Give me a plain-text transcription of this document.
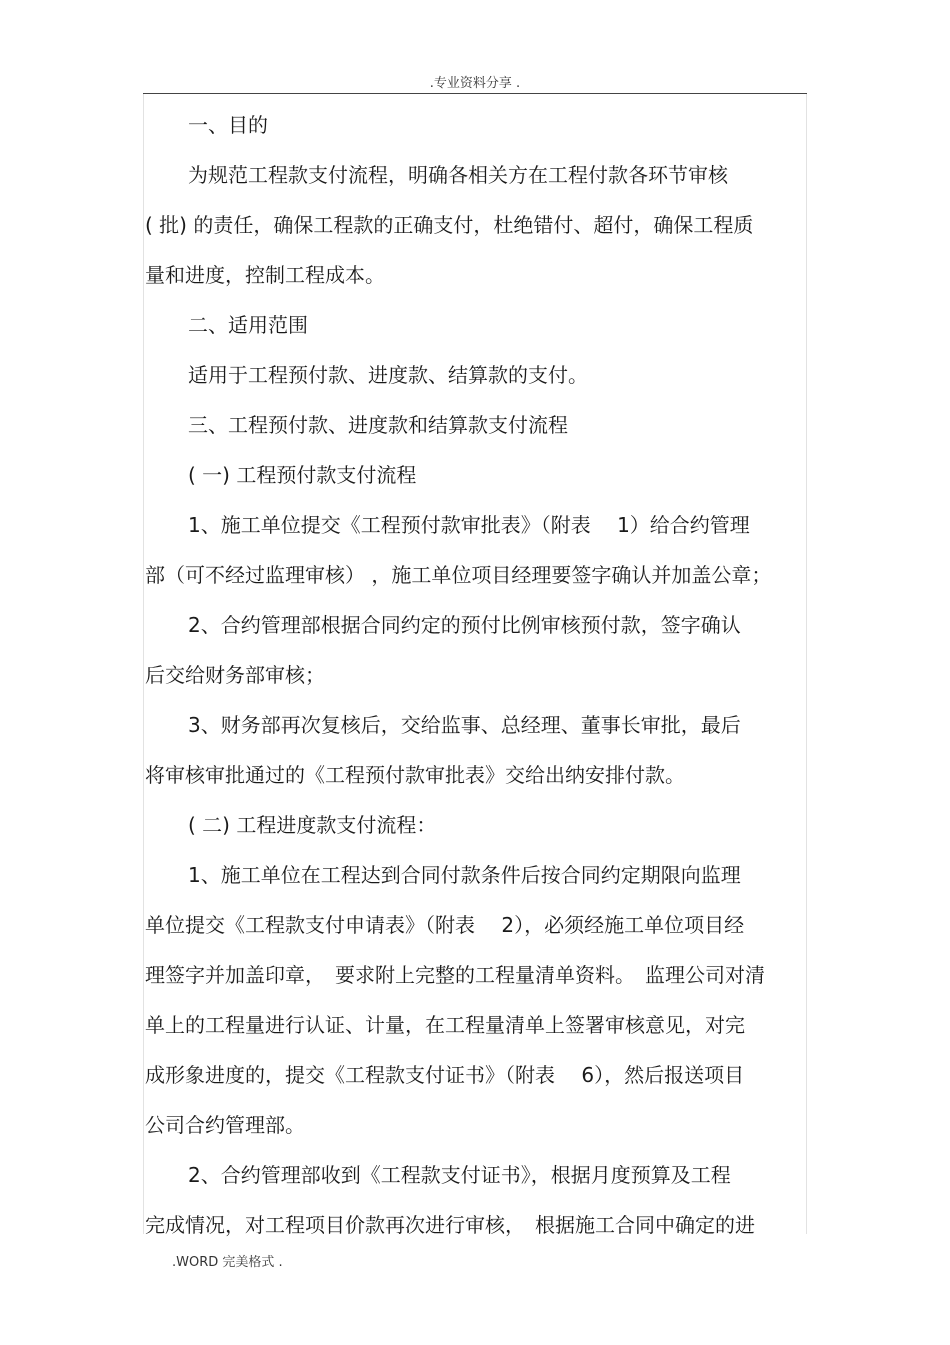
.专业资料分享 .

一、目的

为规范工程款支付流程，明确各相关方在工程付款各环节审核

( 批) 的责任，确保工程款的正确支付，杜绝错付、超付，确保工程质

量和进度，控制工程成本。

二、适用范围

适用于工程预付款、进度款、结算款的支付。

三、工程预付款、进度款和结算款支付流程

( 一) 工程预付款支付流程

1、施工单位提交《工程预付款审批表》（附表　 1）给合约管理

部（可不经过监理审核） ，施工单位项目经理要签字确认并加盖公章；

2、合约管理部根据合同约定的预付比例审核预付款，签字确认

后交给财务部审核；

3、财务部再次复核后，交给监事、总经理、董事长审批，最后

将审核审批通过的《工程预付款审批表》交给出纳安排付款。

( 二) 工程进度款支付流程：

1、施工单位在工程达到合同付款条件后按合同约定期限向监理

单位提交《工程款支付申请表》（附表　 2），必须经施工单位项目经

理签字并加盖印章，　要求附上完整的工程量清单资料。　监理公司对清

单上的工程量进行认证、计量，在工程量清单上签署审核意见，对完

成形象进度的，提交《工程款支付证书》（附表　 6），然后报送项目

公司合约管理部。

2、合约管理部收到《工程款支付证书》，根据月度预算及工程

完成情况，对工程项目价款再次进行审核，　根据施工合同中确定的进

.WORD 完美格式 .
